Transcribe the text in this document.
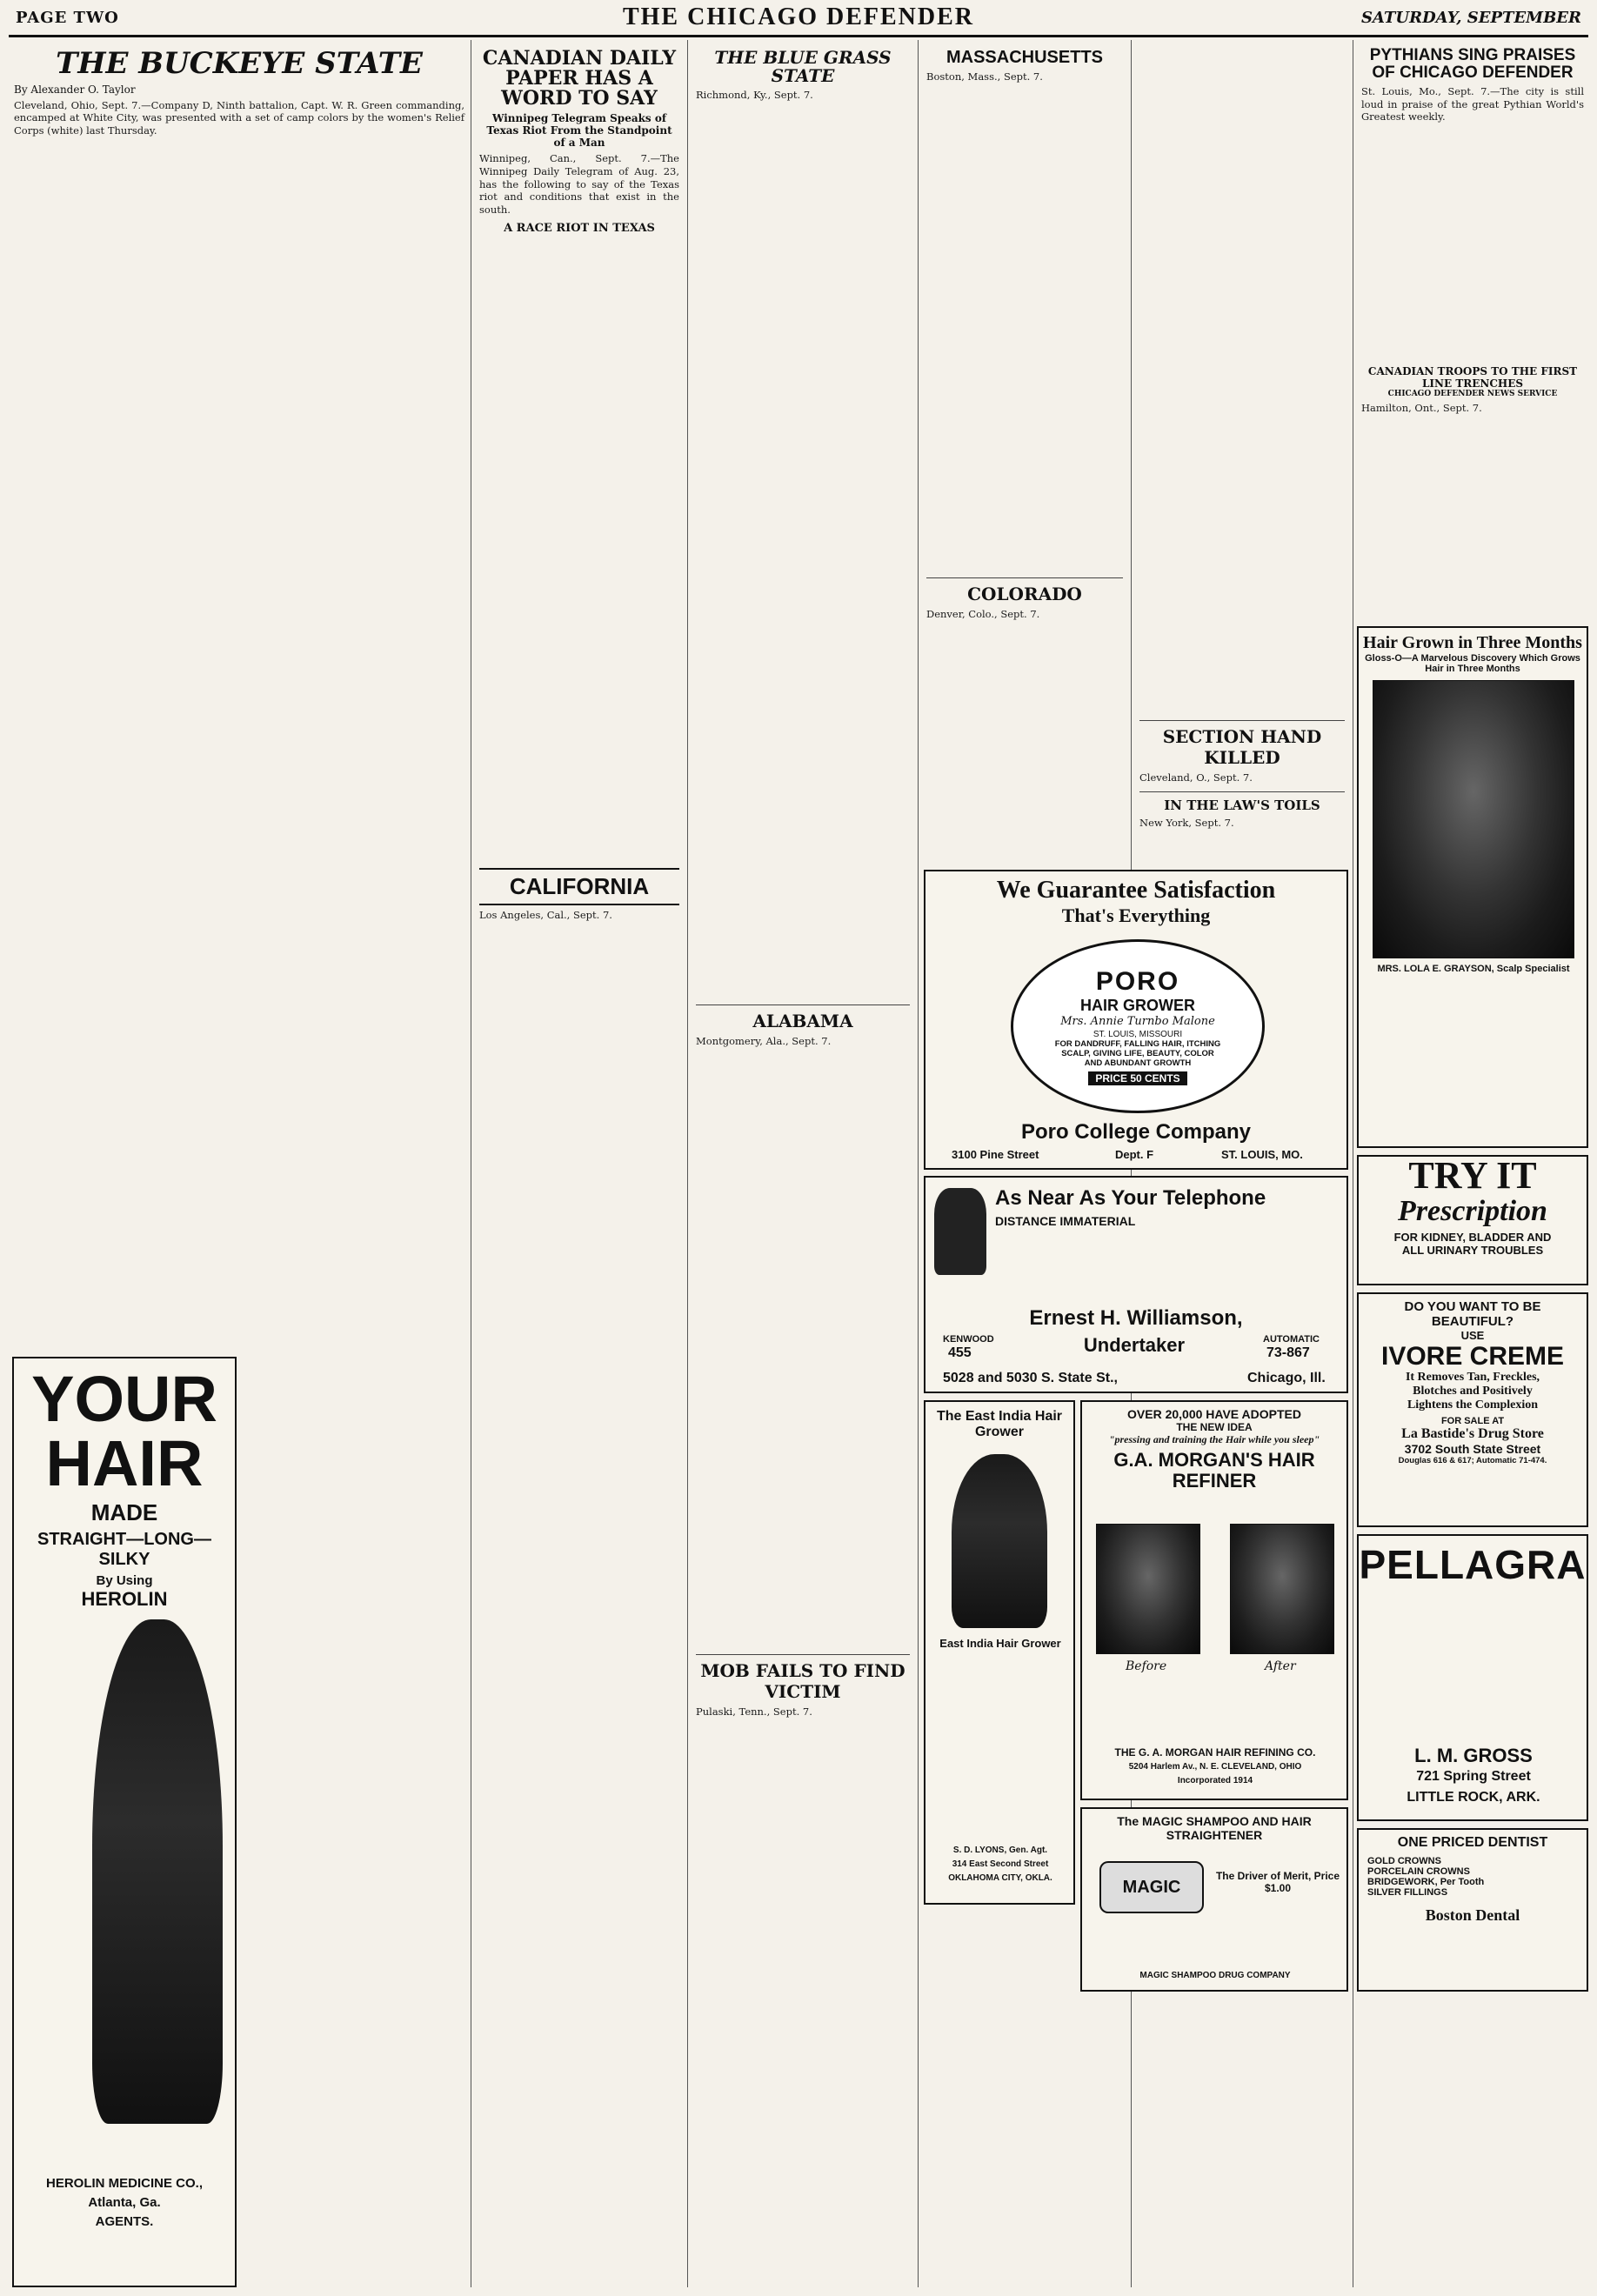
PAGE TWO	THE CHICAGO DEFENDER	SATURDAY, SEPTEMBER
THE BUCKEYE STATE
By Alexander O. Taylor
Cleveland, Ohio, Sept. 7.—Company D, Ninth battalion, Capt. W. R. Green commanding, encamped at White City, was presented with a set of camp colors by the women's Relief Corps (white) last Thursday.
YOUR
HAIR
MADE
STRAIGHT—LONG—SILKY
By Using
HEROLIN
HEROLIN MEDICINE CO.,
Atlanta, Ga.
AGENTS.
CANADIAN DAILY PAPER HAS A WORD TO SAY
Winnipeg Telegram Speaks of Texas Riot From the Standpoint of a Man
Winnipeg, Can., Sept. 7.—The Winnipeg Daily Telegram of Aug. 23, has the following to say of the Texas riot and conditions that exist in the south.
A RACE RIOT IN TEXAS
CALIFORNIA
Los Angeles, Cal., Sept. 7.
THE BLUE GRASS STATE
Richmond, Ky., Sept. 7.
ALABAMA
Montgomery, Ala., Sept. 7.
MOB FAILS TO FIND VICTIM
Pulaski, Tenn., Sept. 7.
MASSACHUSETTS
Boston, Mass., Sept. 7.
COLORADO
Denver, Colo., Sept. 7.
SECTION HAND KILLED
Cleveland, O., Sept. 7.
IN THE LAW'S TOILS
New York, Sept. 7.
We Guarantee Satisfaction
That's Everything
PORO
HAIR GROWER
Mrs. Annie Turnbo Malone
ST. LOUIS, MISSOURI
FOR DANDRUFF, FALLING HAIR, ITCHING
SCALP, GIVING LIFE, BEAUTY, COLOR
AND ABUNDANT GROWTH
PRICE 50 CENTS
Poro College Company
3100 Pine Street	Dept. F	ST. LOUIS, MO.
As Near As Your Telephone
DISTANCE IMMATERIAL
Ernest H. Williamson,
KENWOOD
455	Undertaker	AUTOMATIC
73-867
5028 and 5030 S. State St.,	Chicago, Ill.
The East India Hair Grower
East India Hair Grower
S. D. LYONS, Gen. Agt.
314 East Second Street
OKLAHOMA CITY, OKLA.
OVER 20,000 HAVE ADOPTED
THE NEW IDEA
"pressing and training the Hair while you sleep"
G.A. MORGAN'S HAIR REFINER
Before	After
THE G. A. MORGAN HAIR REFINING CO.
5204 Harlem Av., N. E. CLEVELAND, OHIO
Incorporated 1914
The MAGIC SHAMPOO AND HAIR STRAIGHTENER
MAGIC
The Driver of Merit, Price $1.00
MAGIC SHAMPOO DRUG COMPANY
PYTHIANS SING PRAISES OF CHICAGO DEFENDER
St. Louis, Mo., Sept. 7.—The city is still loud in praise of the great Pythian World's Greatest weekly.
CANADIAN TROOPS TO THE FIRST LINE TRENCHES
CHICAGO DEFENDER NEWS SERVICE
Hamilton, Ont., Sept. 7.
Hair Grown in Three Months
Gloss-O—A Marvelous Discovery Which Grows Hair in Three Months
MRS. LOLA E. GRAYSON, Scalp Specialist
TRY IT
Prescription
FOR KIDNEY, BLADDER AND
ALL URINARY TROUBLES
DO YOU WANT TO BE
BEAUTIFUL?
USE
IVORE CREME
It Removes Tan, Freckles,
Blotches and Positively
Lightens the Complexion
FOR SALE AT
La Bastide's Drug Store
3702 South State Street
Douglas 616 & 617; Automatic 71-474.
PELLAGRA
L. M. GROSS
721 Spring Street
LITTLE ROCK, ARK.
ONE PRICED DENTIST
GOLD CROWNS
PORCELAIN CROWNS
BRIDGEWORK, Per Tooth
SILVER FILLINGS
Boston Dental
